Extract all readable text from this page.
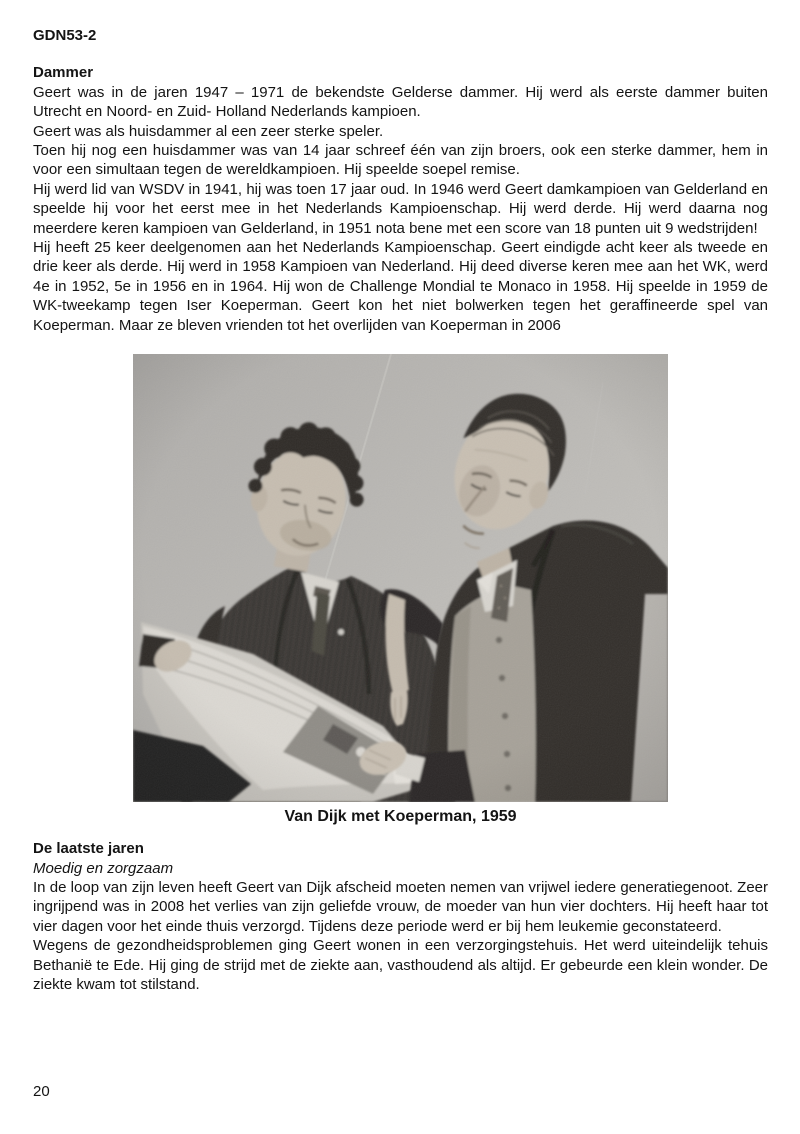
GDN53-2
Dammer

Geert was in de jaren 1947 – 1971 de bekendste Gelderse dammer. Hij werd als eerste dammer buiten Utrecht en Noord- en Zuid- Holland Nederlands kampioen.

Geert was als huisdammer al een zeer sterke speler.

Toen hij nog een huisdammer was van 14 jaar schreef één van zijn broers, ook een sterke dammer, hem in voor een simultaan tegen de wereldkampioen. Hij speelde soepel remise.

Hij werd lid van WSDV in 1941, hij was toen 17 jaar oud. In 1946 werd Geert damkampioen van Gelderland en speelde hij voor het eerst mee in het Nederlands Kampioenschap. Hij werd derde. Hij werd daarna nog meerdere keren kampioen van Gelderland, in 1951 nota bene met een score van 18 punten uit 9 wedstrijden!

Hij heeft 25 keer deelgenomen aan het Nederlands Kampioenschap. Geert eindigde acht keer als tweede en drie keer als derde. Hij werd in 1958 Kampioen van Nederland. Hij deed diverse keren mee aan het WK, werd 4e in 1952, 5e in 1956 en in 1964. Hij won de Challenge Mondial te Monaco in 1958. Hij speelde in 1959 de WK-tweekamp tegen Iser Koeperman. Geert kon het niet bolwerken tegen het geraffineerde spel van Koeperman. Maar ze bleven vrienden tot het overlijden van Koeperman in 2006

Van Dijk met Koeperman, 1959
De laatste jaren
Moedig en zorgzaam

In de loop van zijn leven heeft Geert van Dijk afscheid moeten nemen van vrijwel iedere generatiegenoot. Zeer ingrijpend was in 2008 het verlies van zijn geliefde vrouw, de moeder van hun vier dochters. Hij heeft haar tot vier dagen voor het einde thuis verzorgd. Tijdens deze periode werd er bij hem leukemie geconstateerd.

Wegens de gezondheidsproblemen ging Geert wonen in een verzorgingstehuis. Het werd uiteindelijk tehuis Bethanië te Ede. Hij ging de strijd met de ziekte aan, vasthoudend als altijd. Er gebeurde een klein wonder. De ziekte kwam tot stilstand.

20
